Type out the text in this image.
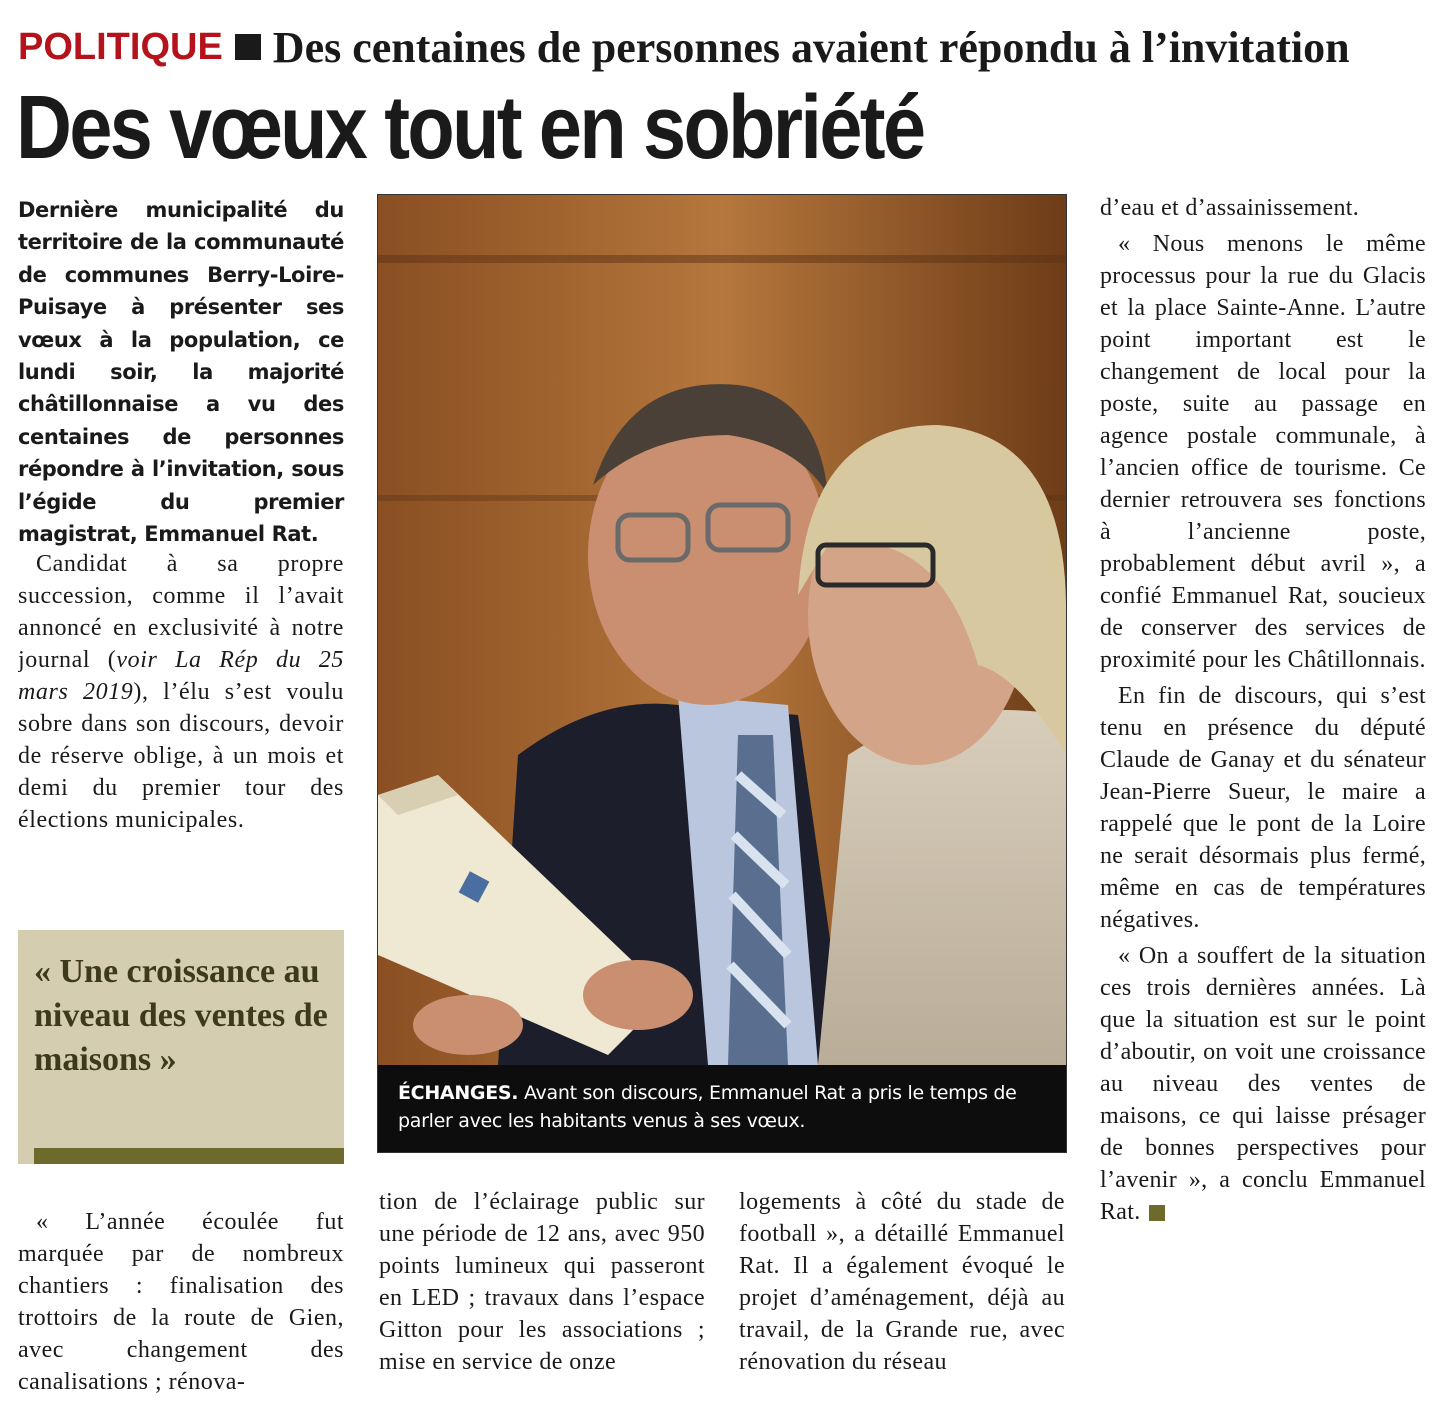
POLITIQUE Des centaines de personnes avaient répondu à l’invitation
Des vœux tout en sobriété
Dernière municipalité du territoire de la communauté de communes Berry-Loire-Puisaye à présenter ses vœux à la population, ce lundi soir, la majorité châtillonnaise a vu des centaines de personnes répondre à l’invitation, sous l’égide du premier magistrat, Emmanuel Rat.

Candidat à sa propre succession, comme il l’avait annoncé en exclusivité à notre journal (voir La Rép du 25 mars 2019), l’élu s’est voulu sobre dans son discours, devoir de réserve oblige, à un mois et demi du premier tour des élections municipales.

« Une croissance au niveau des ventes de maisons »

« L’année écoulée fut marquée par de nombreux chantiers : finalisation des trottoirs de la route de Gien, avec changement des canalisations ; rénova-

ÉCHANGES. Avant son discours, Emmanuel Rat a pris le temps de parler avec les habitants venus à ses vœux.

tion de l’éclairage public sur une période de 12 ans, avec 950 points lumineux qui passeront en LED ; travaux dans l’espace Gitton pour les associations ; mise en service de onze

logements à côté du stade de football », a détaillé Emmanuel Rat. Il a également évoqué le projet d’aménagement, déjà au travail, de la Grande rue, avec rénovation du réseau

d’eau et d’assainissement.

« Nous menons le même processus pour la rue du Glacis et la place Sainte-Anne. L’autre point important est le changement de local pour la poste, suite au passage en agence postale communale, à l’ancien office de tourisme. Ce dernier retrouvera ses fonctions à l’ancienne poste, probablement début avril », a confié Emmanuel Rat, soucieux de conserver des services de proximité pour les Châtillonnais.

En fin de discours, qui s’est tenu en présence du député Claude de Ganay et du sénateur Jean-Pierre Sueur, le maire a rappelé que le pont de la Loire ne serait désormais plus fermé, même en cas de températures négatives.

« On a souffert de la situation ces trois dernières années. Là que la situation est sur le point d’aboutir, on voit une croissance au niveau des ventes de maisons, ce qui laisse présager de bonnes perspectives pour l’avenir », a conclu Emmanuel Rat.
